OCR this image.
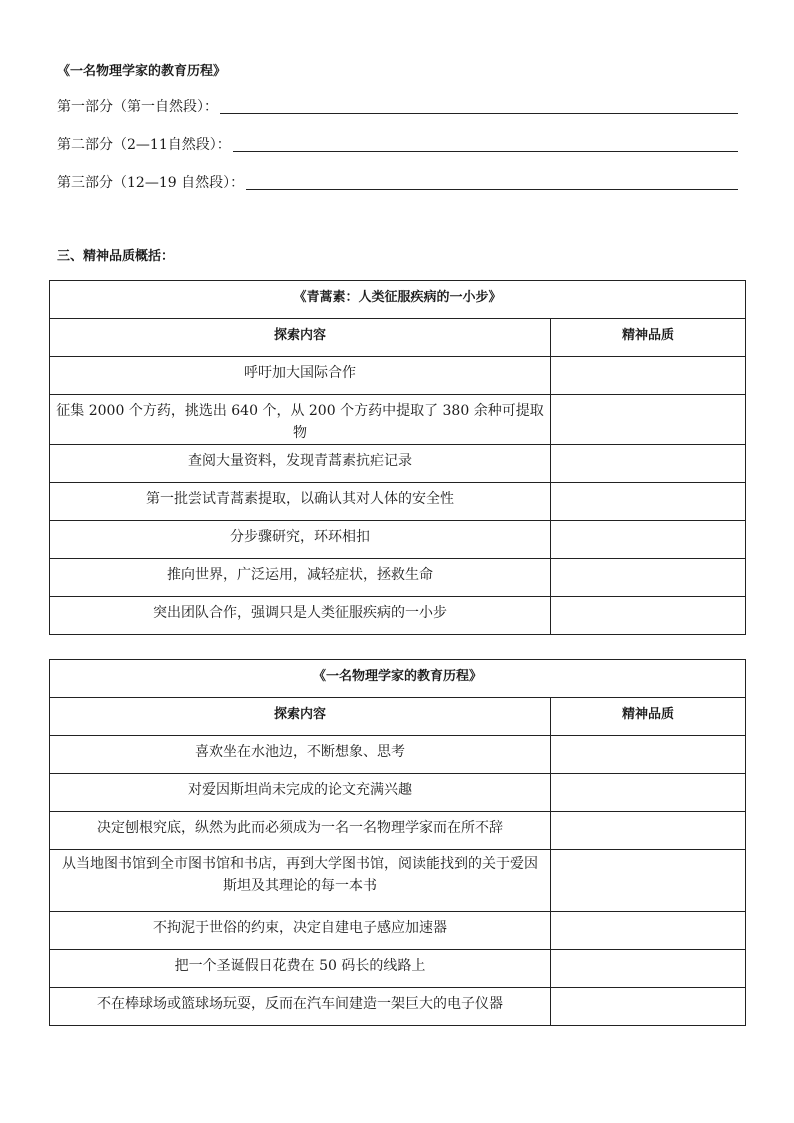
《一名物理学家的教育历程》
第一部分（第一自然段）：
第二部分（2—11自然段）：
第三部分（12—19 自然段）：
三、精神品质概括：
《青蒿素：人类征服疾病的一小步》	
探索内容	精神品质
呼吁加大国际合作	
征集 2000 个方药，挑选出 640 个，从 200 个方药中提取了 380 余种可提取物	
查阅大量资料，发现青蒿素抗疟记录	
第一批尝试青蒿素提取，以确认其对人体的安全性	
分步骤研究，环环相扣	
推向世界，广泛运用，减轻症状，拯救生命	
突出团队合作，强调只是人类征服疾病的一小步	
《一名物理学家的教育历程》	
探索内容	精神品质
喜欢坐在水池边，不断想象、思考	
对爱因斯坦尚未完成的论文充满兴趣	
决定刨根究底，纵然为此而必须成为一名一名物理学家而在所不辞	
从当地图书馆到全市图书馆和书店，再到大学图书馆，阅读能找到的关于爱因斯坦及其理论的每一本书	
不拘泥于世俗的约束，决定自建电子感应加速器	
把一个圣诞假日花费在 50 码长的线路上	
不在棒球场或篮球场玩耍，反而在汽车间建造一架巨大的电子仪器	
